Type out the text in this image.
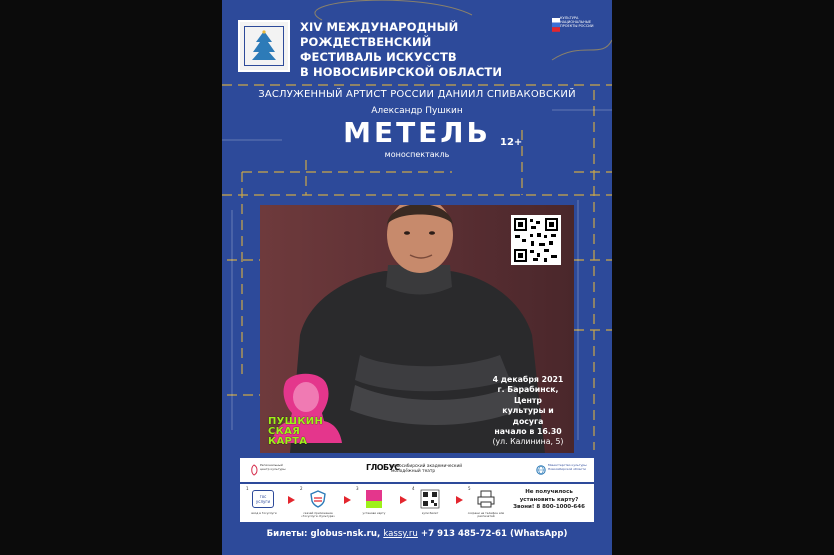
XIV МЕЖДУНАРОДНЫЙ
РОЖДЕСТВЕНСКИЙ
ФЕСТИВАЛЬ ИСКУССТВ
В НОВОСИБИРСКОЙ ОБЛАСТИ
КУЛЬТУРА НАЦИОНАЛЬНЫЕ ПРОЕКТЫ РОССИИ
ЗАСЛУЖЕННЫЙ АРТИСТ РОССИИ ДАНИИЛ СПИВАКОВСКИЙ
Александр Пушкин
МЕТЕЛЬ 12+
моноспектакль
4 декабря 2021
г. Барабинск,
Центр
культуры и досуга
начало в 16.30
(ул. Калинина, 5)
ПУШКИН
СКАЯ
КАРТА
Региональный центр культуры	ГЛОБУС
новосибирский академический
молодёжный театр
Министерство культуры Новосибирской области
1
гос услуги
вход в Госуслуги
2
скачай приложение «Госуслуги. Культура»
3
установи карту
4
купи билет
5
сохрани на телефон или распечатай
Не получилось
установить карту?
Звони! 8 800-1000-646
Билеты: globus-nsk.ru, kassy.ru +7 913 485-72-61 (WhatsApp)
